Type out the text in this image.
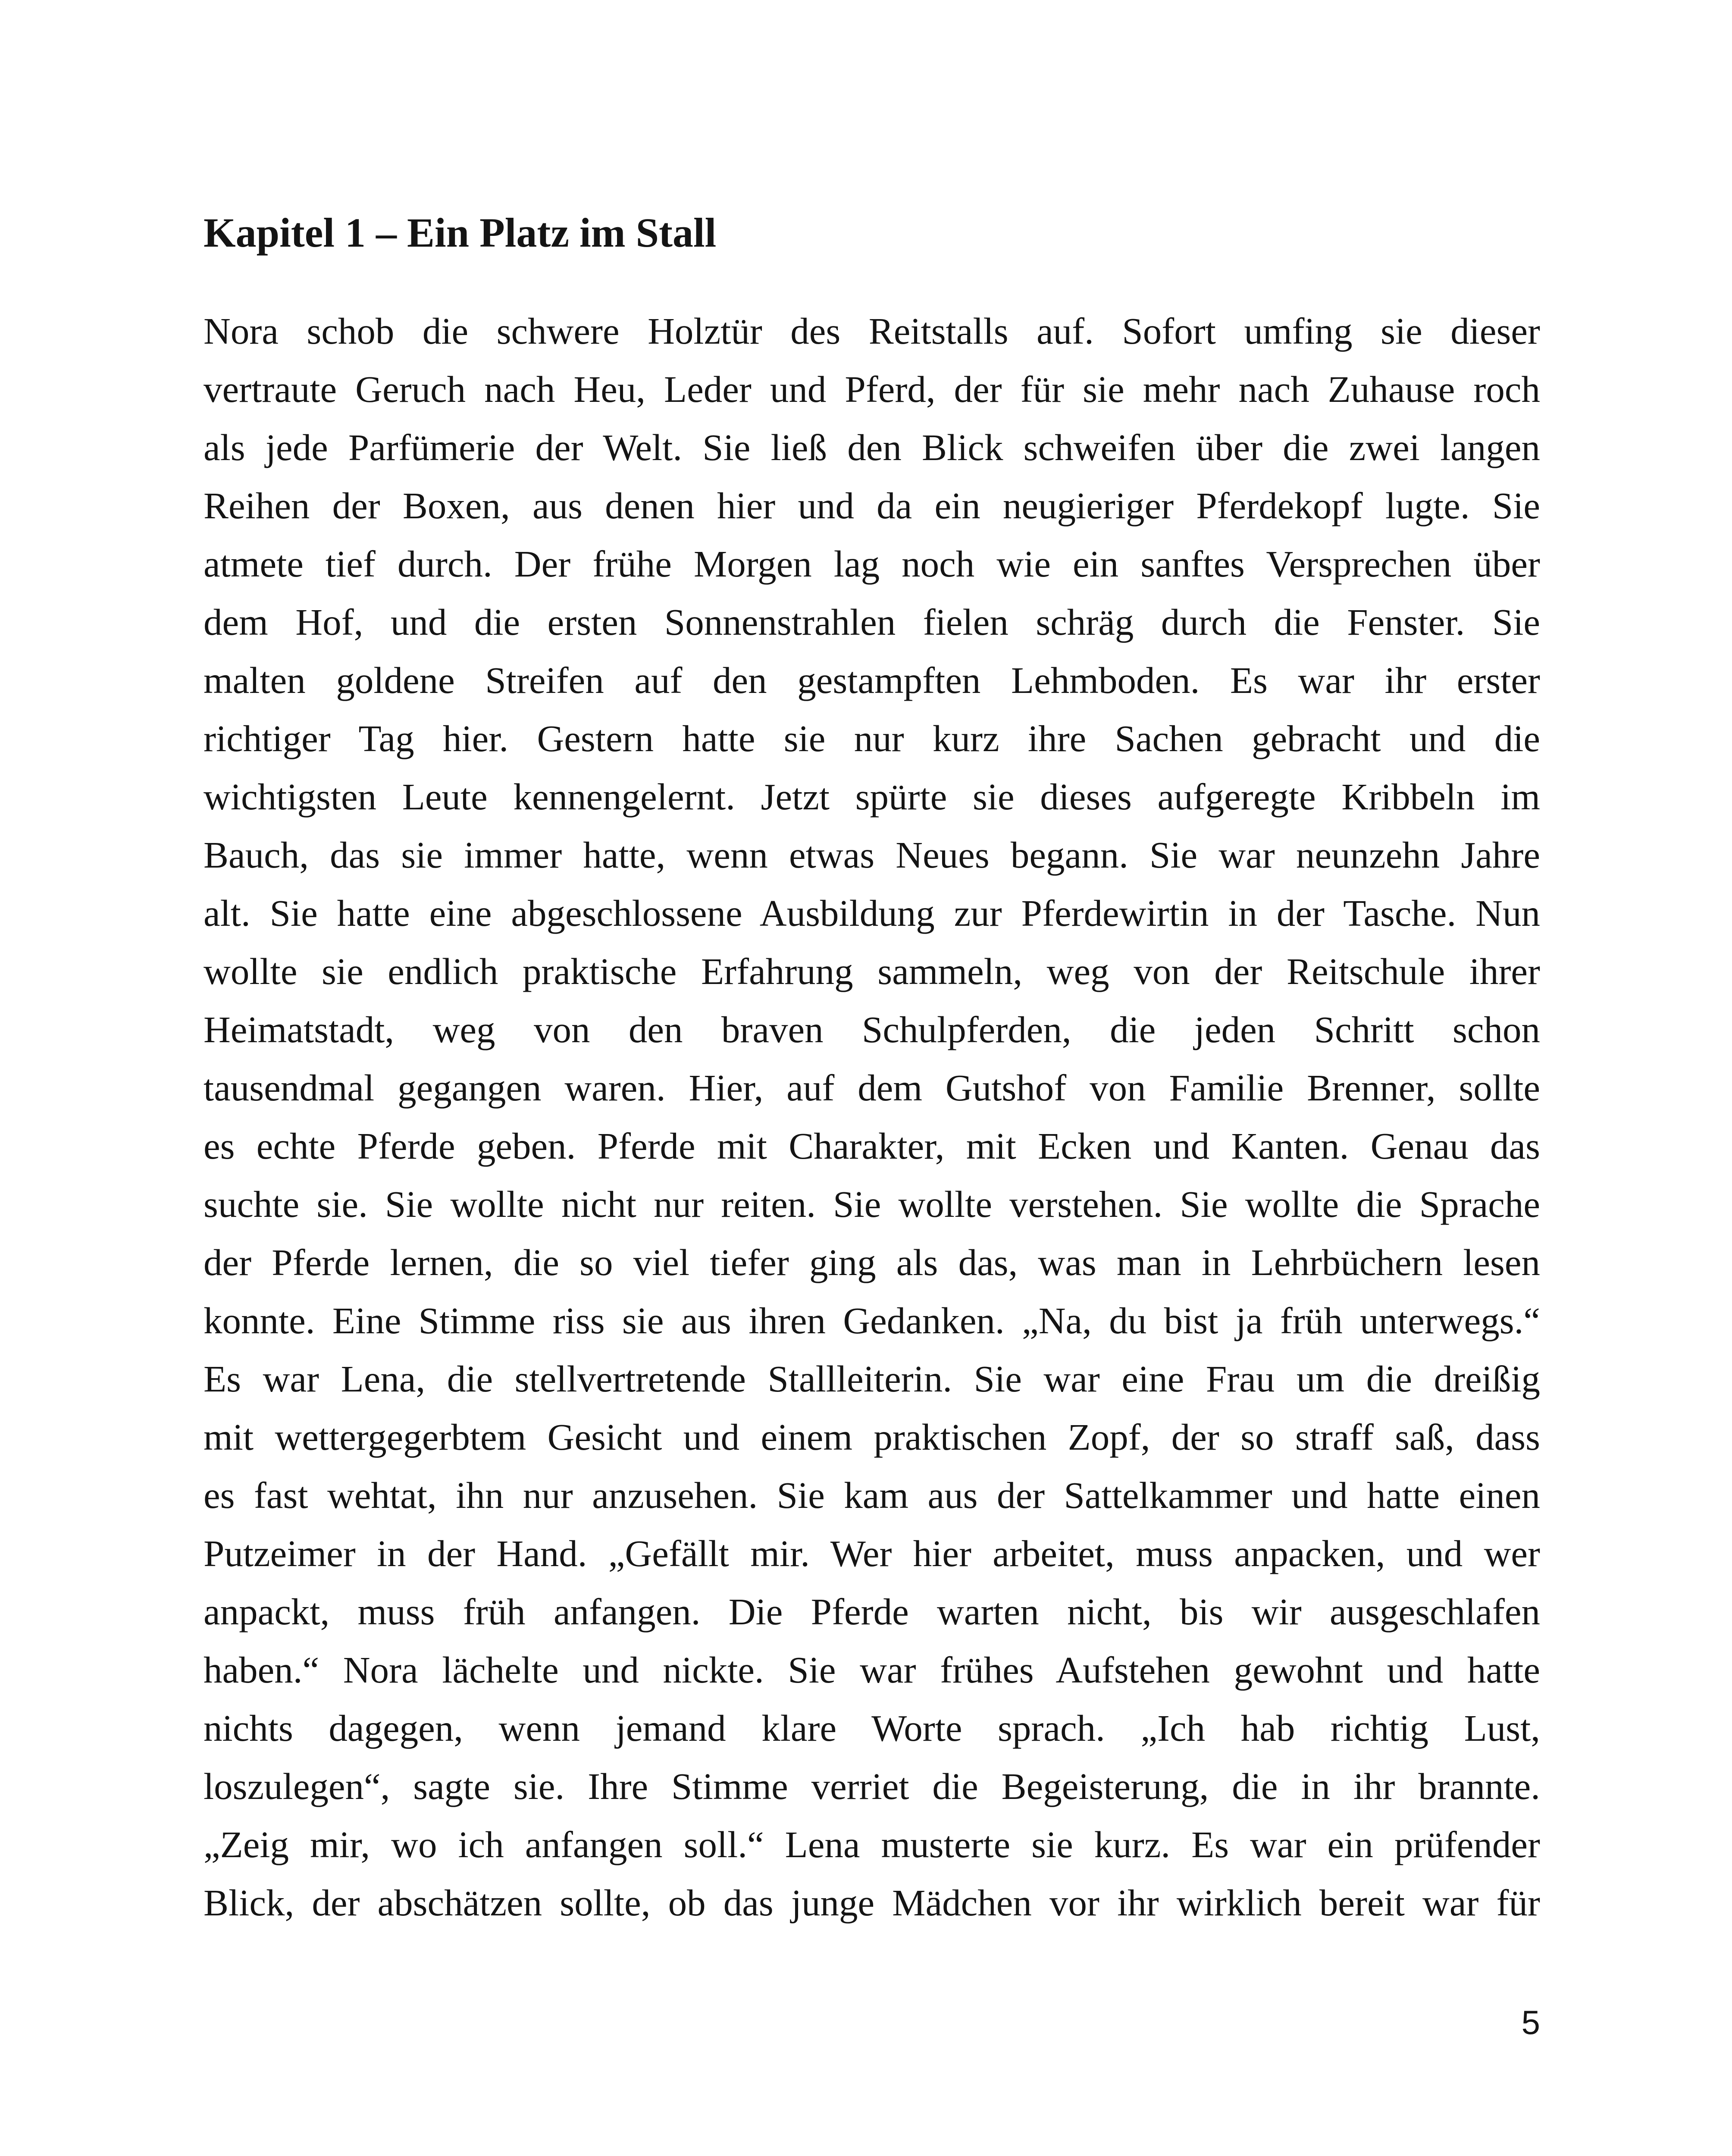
Kapitel 1 – Ein Platz im Stall
Nora schob die schwere Holztür des Reitstalls auf. Sofort umfing sie dieser
vertraute Geruch nach Heu, Leder und Pferd, der für sie mehr nach Zuhause roch
als jede Parfümerie der Welt. Sie ließ den Blick schweifen über die zwei langen
Reihen der Boxen, aus denen hier und da ein neugieriger Pferdekopf lugte. Sie
atmete tief durch. Der frühe Morgen lag noch wie ein sanftes Versprechen über
dem Hof, und die ersten Sonnenstrahlen fielen schräg durch die Fenster. Sie
malten goldene Streifen auf den gestampften Lehmboden. Es war ihr erster
richtiger Tag hier. Gestern hatte sie nur kurz ihre Sachen gebracht und die
wichtigsten Leute kennengelernt. Jetzt spürte sie dieses aufgeregte Kribbeln im
Bauch, das sie immer hatte, wenn etwas Neues begann. Sie war neunzehn Jahre
alt. Sie hatte eine abgeschlossene Ausbildung zur Pferdewirtin in der Tasche. Nun
wollte sie endlich praktische Erfahrung sammeln, weg von der Reitschule ihrer
Heimatstadt, weg von den braven Schulpferden, die jeden Schritt schon
tausendmal gegangen waren. Hier, auf dem Gutshof von Familie Brenner, sollte
es echte Pferde geben. Pferde mit Charakter, mit Ecken und Kanten. Genau das
suchte sie. Sie wollte nicht nur reiten. Sie wollte verstehen. Sie wollte die Sprache
der Pferde lernen, die so viel tiefer ging als das, was man in Lehrbüchern lesen
konnte. Eine Stimme riss sie aus ihren Gedanken. „Na, du bist ja früh unterwegs.“
Es war Lena, die stellvertretende Stallleiterin. Sie war eine Frau um die dreißig
mit wettergegerbtem Gesicht und einem praktischen Zopf, der so straff saß, dass
es fast wehtat, ihn nur anzusehen. Sie kam aus der Sattelkammer und hatte einen
Putzeimer in der Hand. „Gefällt mir. Wer hier arbeitet, muss anpacken, und wer
anpackt, muss früh anfangen. Die Pferde warten nicht, bis wir ausgeschlafen
haben.“ Nora lächelte und nickte. Sie war frühes Aufstehen gewohnt und hatte
nichts dagegen, wenn jemand klare Worte sprach. „Ich hab richtig Lust,
loszulegen“, sagte sie. Ihre Stimme verriet die Begeisterung, die in ihr brannte.
„Zeig mir, wo ich anfangen soll.“ Lena musterte sie kurz. Es war ein prüfender
Blick, der abschätzen sollte, ob das junge Mädchen vor ihr wirklich bereit war für

5
